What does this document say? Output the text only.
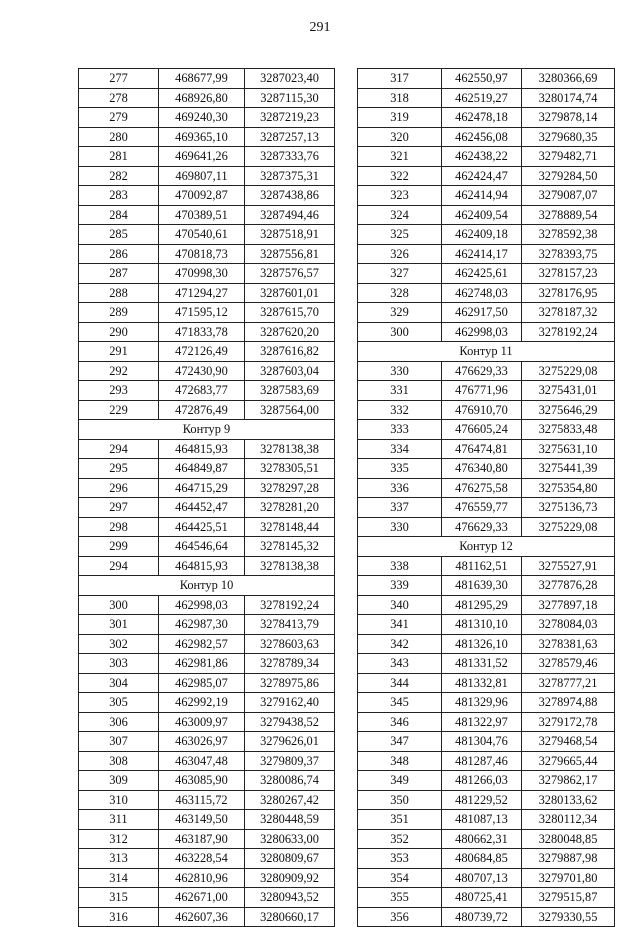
291
277	468677,99	3287023,40
278	468926,80	3287115,30
279	469240,30	3287219,23
280	469365,10	3287257,13
281	469641,26	3287333,76
282	469807,11	3287375,31
283	470092,87	3287438,86
284	470389,51	3287494,46
285	470540,61	3287518,91
286	470818,73	3287556,81
287	470998,30	3287576,57
288	471294,27	3287601,01
289	471595,12	3287615,70
290	471833,78	3287620,20
291	472126,49	3287616,82
292	472430,90	3287603,04
293	472683,77	3287583,69
229	472876,49	3287564,00
Контур 9		
294	464815,93	3278138,38
295	464849,87	3278305,51
296	464715,29	3278297,28
297	464452,47	3278281,20
298	464425,51	3278148,44
299	464546,64	3278145,32
294	464815,93	3278138,38
Контур 10		
300	462998,03	3278192,24
301	462987,30	3278413,79
302	462982,57	3278603,63
303	462981,86	3278789,34
304	462985,07	3278975,86
305	462992,19	3279162,40
306	463009,97	3279438,52
307	463026,97	3279626,01
308	463047,48	3279809,37
309	463085,90	3280086,74
310	463115,72	3280267,42
311	463149,50	3280448,59
312	463187,90	3280633,00
313	463228,54	3280809,67
314	462810,96	3280909,92
315	462671,00	3280943,52
316	462607,36	3280660,17
317	462550,97	3280366,69
318	462519,27	3280174,74
319	462478,18	3279878,14
320	462456,08	3279680,35
321	462438,22	3279482,71
322	462424,47	3279284,50
323	462414,94	3279087,07
324	462409,54	3278889,54
325	462409,18	3278592,38
326	462414,17	3278393,75
327	462425,61	3278157,23
328	462748,03	3278176,95
329	462917,50	3278187,32
300	462998,03	3278192,24
Контур 11		
330	476629,33	3275229,08
331	476771,96	3275431,01
332	476910,70	3275646,29
333	476605,24	3275833,48
334	476474,81	3275631,10
335	476340,80	3275441,39
336	476275,58	3275354,80
337	476559,77	3275136,73
330	476629,33	3275229,08
Контур 12		
338	481162,51	3275527,91
339	481639,30	3277876,28
340	481295,29	3277897,18
341	481310,10	3278084,03
342	481326,10	3278381,63
343	481331,52	3278579,46
344	481332,81	3278777,21
345	481329,96	3278974,88
346	481322,97	3279172,78
347	481304,76	3279468,54
348	481287,46	3279665,44
349	481266,03	3279862,17
350	481229,52	3280133,62
351	481087,13	3280112,34
352	480662,31	3280048,85
353	480684,85	3279887,98
354	480707,13	3279701,80
355	480725,41	3279515,87
356	480739,72	3279330,55
